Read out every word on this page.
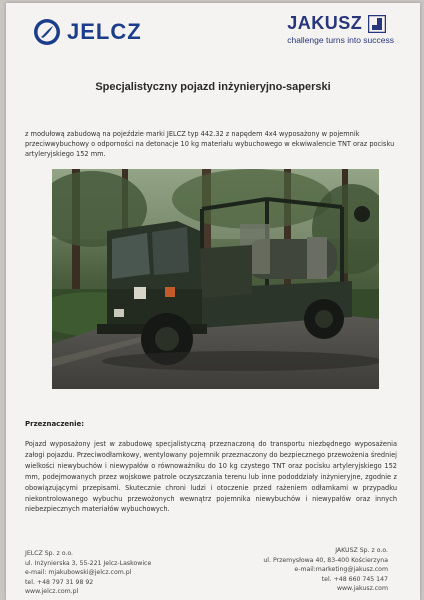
JELCZ	JAKUSZ
challenge turns into success
Specjalistyczny pojazd inżynieryjno-saperski

z modułową zabudową na pojeździe marki JELCZ typ 442.32 z napędem 4x4 wyposażony w pojemnik przeciwwybuchowy o odporności na detonacje 10 kg materiału wybuchowego w ekwiwalencie TNT oraz pocisku artyleryjskiego 152 mm.

Przeznaczenie:

Pojazd wyposażony jest w zabudowę specjalistyczną przeznaczoną do transportu niezbędnego wyposażenia załogi pojazdu. Przeciwodłamkowy, wentylowany pojemnik przeznaczony do bezpiecznego przewożenia średniej wielkości niewybuchów i niewypałów o równoważniku do 10 kg czystego TNT oraz pocisku artyleryjskiego 152 mm, podejmowanych przez wojskowe patrole oczyszczania terenu lub inne pododdziały inżynieryjne, zgodnie z obowiązującymi przepisami. Skutecznie chroni ludzi i otoczenie przed rażeniem odłamkami w przypadku niekontrolowanego wybuchu przewożonych wewnątrz pojemnika niewybuchów i niewypałów oraz innych niebezpiecznych materiałów wybuchowych.

JELCZ Sp. z o.o.
ul. Inżynierska 3, 55-221 Jelcz-Laskowice
e-mail: mjakubowski@jelcz.com.pl
tel. +48 797 31 98 92
www.jelcz.com.pl
JAKUSZ Sp. z o.o.
ul. Przemysłowa 40, 83-400 Kościerzyna
e-mail:marketing@jakusz.com
tel. +48 660 745 147
www.jakusz.com
